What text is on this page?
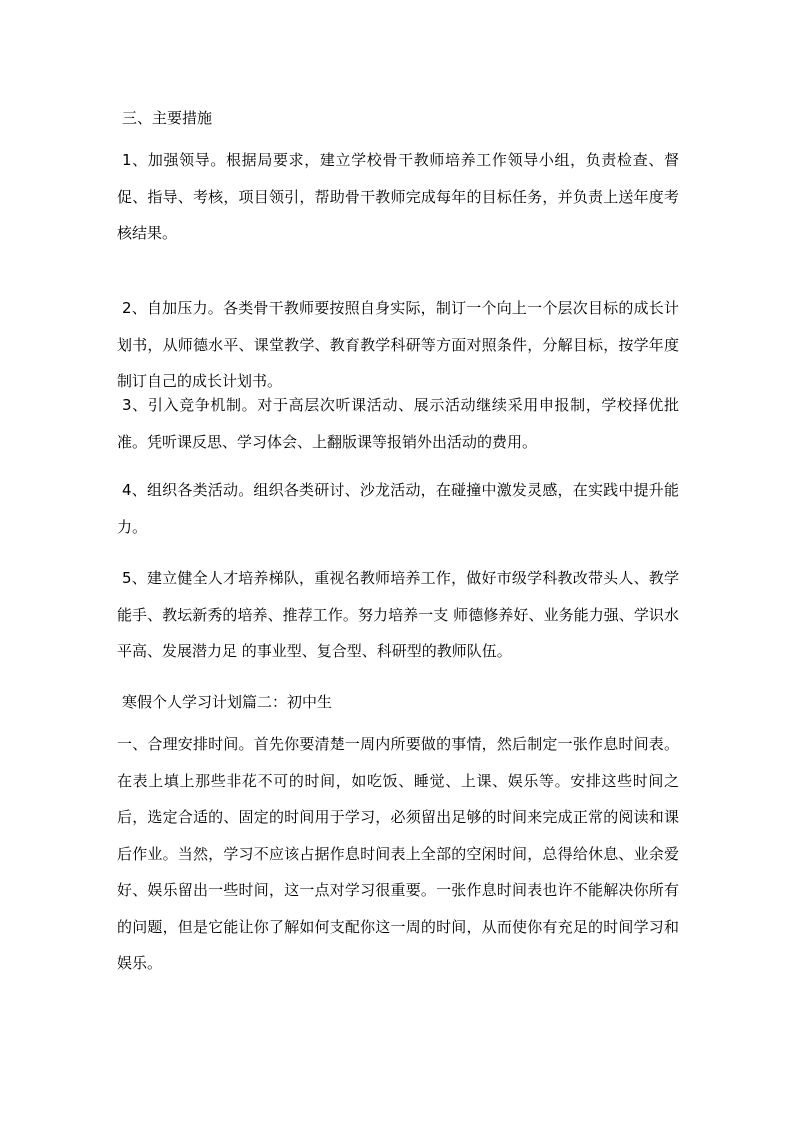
三、主要措施

1、加强领导。根据局要求，建立学校骨干教师培养工作领导小组，负责检查、督促、指导、考核，项目领引，帮助骨干教师完成每年的目标任务，并负责上送年度考核结果。

2、自加压力。各类骨干教师要按照自身实际，制订一个向上一个层次目标的成长计划书，从师德水平、课堂教学、教育教学科研等方面对照条件，分解目标，按学年度制订自己的成长计划书。

3、引入竞争机制。对于高层次听课活动、展示活动继续采用申报制，学校择优批准。凭听课反思、学习体会、上翻版课等报销外出活动的费用。

4、组织各类活动。组织各类研讨、沙龙活动，在碰撞中激发灵感，在实践中提升能力。

5、建立健全人才培养梯队，重视名教师培养工作，做好市级学科教改带头人、教学能手、教坛新秀的培养、推荐工作。努力培养一支 师德修养好、业务能力强、学识水平高、发展潜力足 的事业型、复合型、科研型的教师队伍。

寒假个人学习计划篇二：初中生

一、合理安排时间。首先你要清楚一周内所要做的事情，然后制定一张作息时间表。在表上填上那些非花不可的时间，如吃饭、睡觉、上课、娱乐等。安排这些时间之后，选定合适的、固定的时间用于学习，必须留出足够的时间来完成正常的阅读和课后作业。当然，学习不应该占据作息时间表上全部的空闲时间，总得给休息、业余爱好、娱乐留出一些时间，这一点对学习很重要。一张作息时间表也许不能解决你所有的问题，但是它能让你了解如何支配你这一周的时间，从而使你有充足的时间学习和娱乐。
